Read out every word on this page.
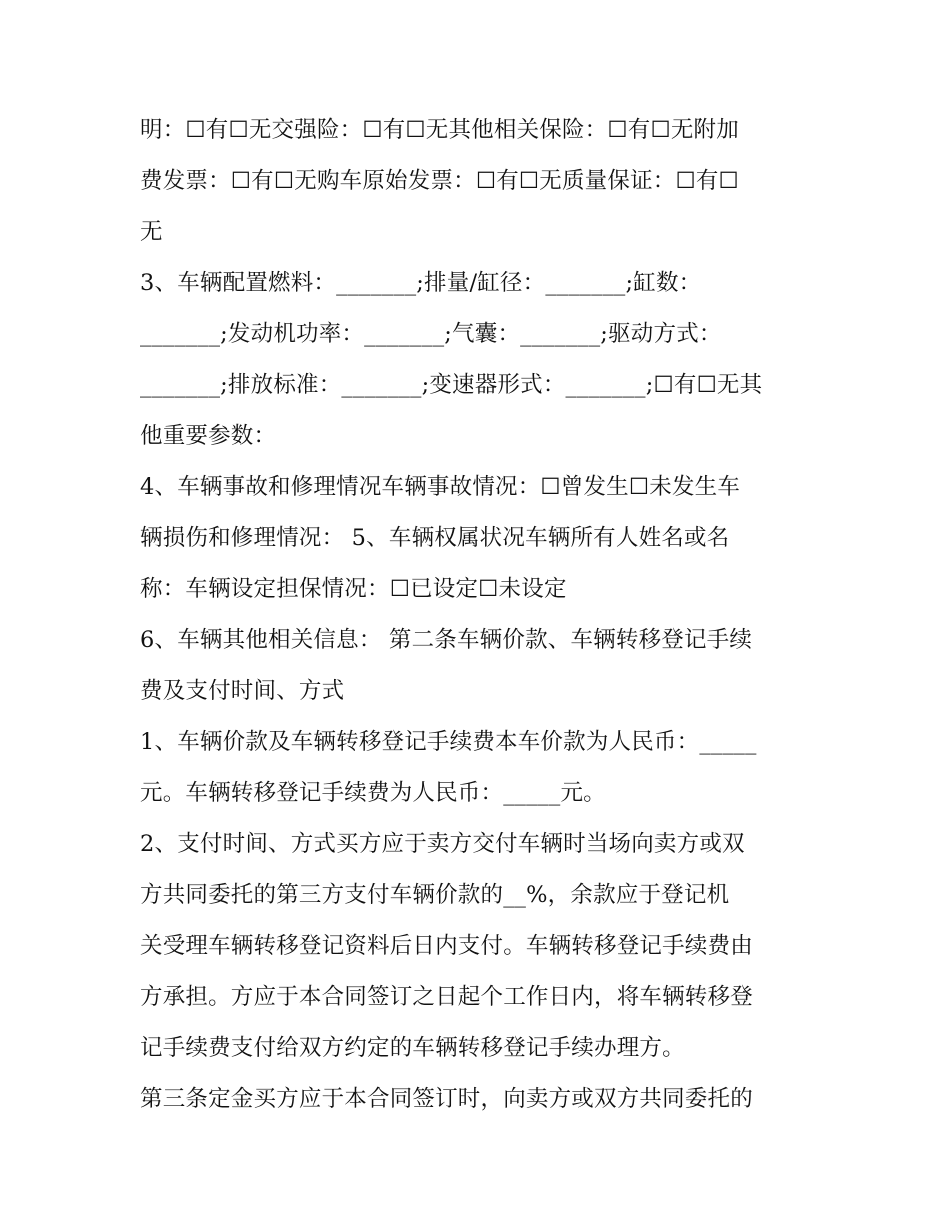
明：☐有☐无交强险：☐有☐无其他相关保险：☐有☐无附加
费发票：☐有☐无购车原始发票：☐有☐无质量保证：☐有☐
无
3、车辆配置燃料：_______;排量/缸径：_______;缸数：
_______;发动机功率：_______;气囊：_______;驱动方式：
_______;排放标准：_______;变速器形式：_______;☐有☐无其
他重要参数：
4、车辆事故和修理情况车辆事故情况：☐曾发生☐未发生车
辆损伤和修理情况： 5、车辆权属状况车辆所有人姓名或名
称：车辆设定担保情况：☐已设定☐未设定
6、车辆其他相关信息： 第二条车辆价款、车辆转移登记手续
费及支付时间、方式
1、车辆价款及车辆转移登记手续费本车价款为人民币：_____
元。车辆转移登记手续费为人民币：_____元。
2、支付时间、方式买方应于卖方交付车辆时当场向卖方或双
方共同委托的第三方支付车辆价款的__%，余款应于登记机
关受理车辆转移登记资料后日内支付。车辆转移登记手续费由
方承担。方应于本合同签订之日起个工作日内，将车辆转移登
记手续费支付给双方约定的车辆转移登记手续办理方。
第三条定金买方应于本合同签订时，向卖方或双方共同委托的
